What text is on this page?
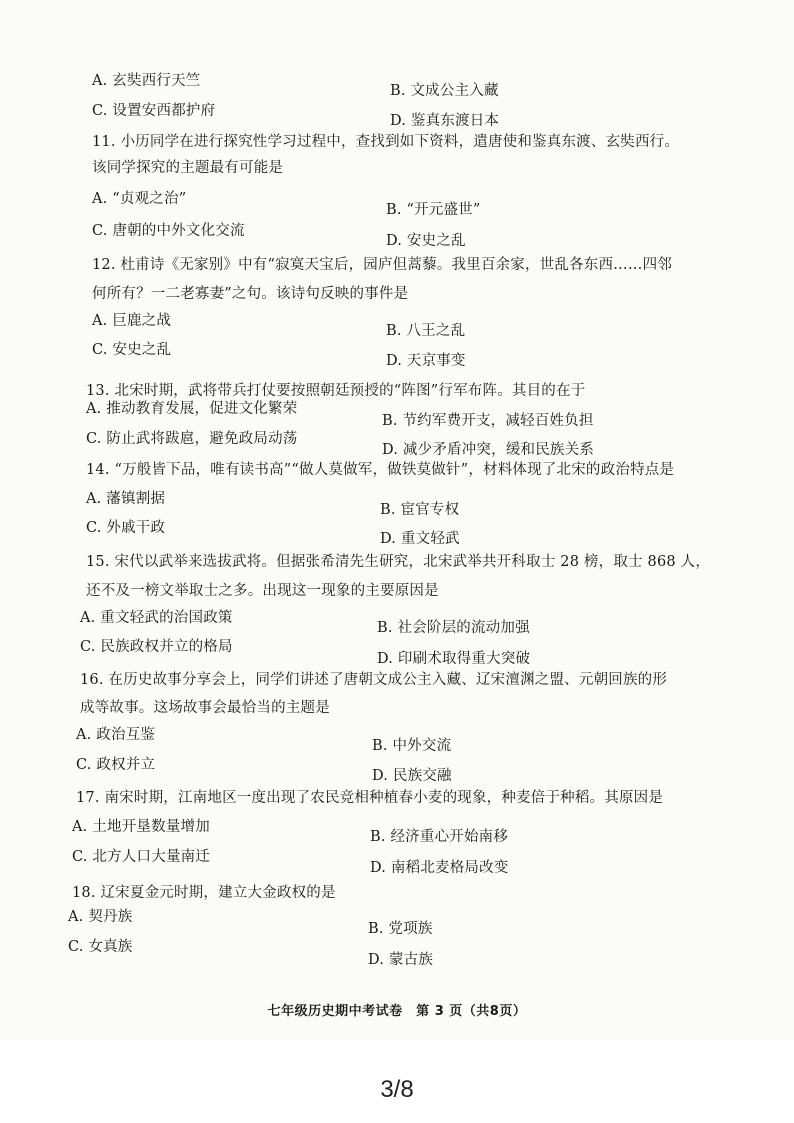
A. 玄奘西行天竺
B. 文成公主入藏
C. 设置安西都护府
D. 鉴真东渡日本
11. 小历同学在进行探究性学习过程中，查找到如下资料，遣唐使和鉴真东渡、玄奘西行。
该同学探究的主题最有可能是
A. “贞观之治”
B. “开元盛世”
C. 唐朝的中外文化交流
D. 安史之乱
12. 杜甫诗《无家别》中有“寂寞天宝后，园庐但蒿藜。我里百余家，世乱各东西……四邻
何所有？一二老寡妻”之句。该诗句反映的事件是
A. 巨鹿之战
B. 八王之乱
C. 安史之乱
D. 天京事变
13. 北宋时期，武将带兵打仗要按照朝廷预授的“阵图”行军布阵。其目的在于
A. 推动教育发展，促进文化繁荣
B. 节约军费开支，减轻百姓负担
C. 防止武将跋扈，避免政局动荡
D. 减少矛盾冲突，缓和民族关系
14. “万般皆下品，唯有读书高”“做人莫做军，做铁莫做针”，材料体现了北宋的政治特点是
A. 藩镇割据
B. 宦官专权
C. 外戚干政
D. 重文轻武
15. 宋代以武举来选拔武将。但据张希清先生研究，北宋武举共开科取士 28 榜，取士 868 人，
还不及一榜文举取士之多。出现这一现象的主要原因是
A. 重文轻武的治国政策
B. 社会阶层的流动加强
C. 民族政权并立的格局
D. 印刷术取得重大突破
16. 在历史故事分享会上，同学们讲述了唐朝文成公主入藏、辽宋澶渊之盟、元朝回族的形
成等故事。这场故事会最恰当的主题是
A. 政治互鉴
B. 中外交流
C. 政权并立
D. 民族交融
17. 南宋时期，江南地区一度出现了农民竞相种植春小麦的现象，种麦倍于种稻。其原因是
A. 土地开垦数量增加
B. 经济重心开始南移
C. 北方人口大量南迁
D. 南稻北麦格局改变
18. 辽宋夏金元时期，建立大金政权的是
A. 契丹族
B. 党项族
C. 女真族
D. 蒙古族
七年级历史期中考试卷　第 3 页（共8页）
3/8
